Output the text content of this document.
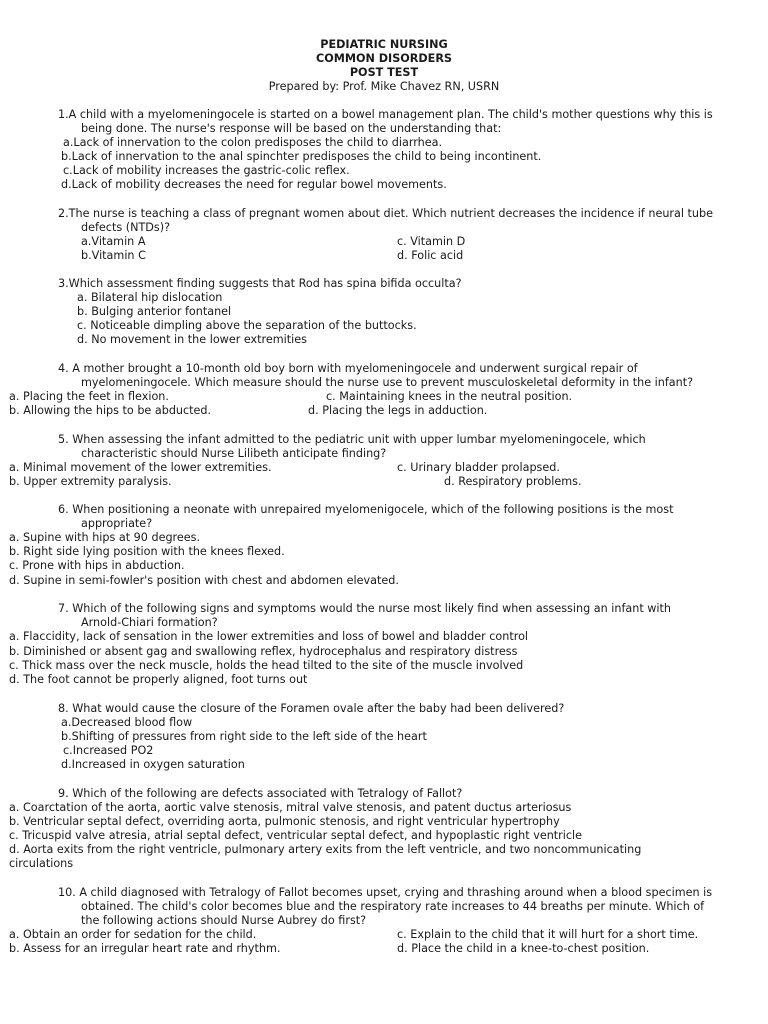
PEDIATRIC NURSING
COMMON DISORDERS
POST TEST
Prepared by: Prof. Mike Chavez RN, USRN
1.A child with a myelomeningocele is started on a bowel management plan. The child's mother questions why this is
being done. The nurse's response will be based on the understanding that:
a.Lack of innervation to the colon predisposes the child to diarrhea.
b.Lack of innervation to the anal spinchter predisposes the child to being incontinent.
c.Lack of mobility increases the gastric-colic reflex.
d.Lack of mobility decreases the need for regular bowel movements.
2.The nurse is teaching a class of pregnant women about diet. Which nutrient decreases the incidence if neural tube
defects (NTDs)?
a.Vitamin A	c. Vitamin D
b.Vitamin C	d. Folic acid
3.Which assessment finding suggests that Rod has spina bifida occulta?
a. Bilateral hip dislocation
b. Bulging anterior fontanel
c. Noticeable dimpling above the separation of the buttocks.
d. No movement in the lower extremities
4. A mother brought a 10-month old boy born with myelomeningocele and underwent surgical repair of
myelomeningocele. Which measure should the nurse use to prevent musculoskeletal deformity in the infant?
a. Placing the feet in flexion.	c. Maintaining knees in the neutral position.
b. Allowing the hips to be abducted.	d. Placing the legs in adduction.
5. When assessing the infant admitted to the pediatric unit with upper lumbar myelomeningocele, which
characteristic should Nurse Lilibeth anticipate finding?
a. Minimal movement of the lower extremities.	c. Urinary bladder prolapsed.
b. Upper extremity paralysis.	d. Respiratory problems.
6. When positioning a neonate with unrepaired myelomenigocele, which of the following positions is the most
appropriate?
a. Supine with hips at 90 degrees.
b. Right side lying position with the knees flexed.
c. Prone with hips in abduction.
d. Supine in semi-fowler's position with chest and abdomen elevated.
7. Which of the following signs and symptoms would the nurse most likely find when assessing an infant with
Arnold-Chiari formation?
a. Flaccidity, lack of sensation in the lower extremities and loss of bowel and bladder control
b. Diminished or absent gag and swallowing reflex, hydrocephalus and respiratory distress
c. Thick mass over the neck muscle, holds the head tilted to the site of the muscle involved
d. The foot cannot be properly aligned, foot turns out
8. What would cause the closure of the Foramen ovale after the baby had been delivered?
a.Decreased blood flow
b.Shifting of pressures from right side to the left side of the heart
c.Increased PO2
d.Increased in oxygen saturation
9. Which of the following are defects associated with Tetralogy of Fallot?
a. Coarctation of the aorta, aortic valve stenosis, mitral valve stenosis, and patent ductus arteriosus
b. Ventricular septal defect, overriding aorta, pulmonic stenosis, and right ventricular hypertrophy
c. Tricuspid valve atresia, atrial septal defect, ventricular septal defect, and hypoplastic right ventricle
d. Aorta exits from the right ventricle, pulmonary artery exits from the left ventricle, and two noncommunicating
circulations
10. A child diagnosed with Tetralogy of Fallot becomes upset, crying and thrashing around when a blood specimen is
obtained. The child's color becomes blue and the respiratory rate increases to 44 breaths per minute. Which of
the following actions should Nurse Aubrey do first?
a. Obtain an order for sedation for the child.	c. Explain to the child that it will hurt for a short time.
b. Assess for an irregular heart rate and rhythm.	d. Place the child in a knee-to-chest position.
